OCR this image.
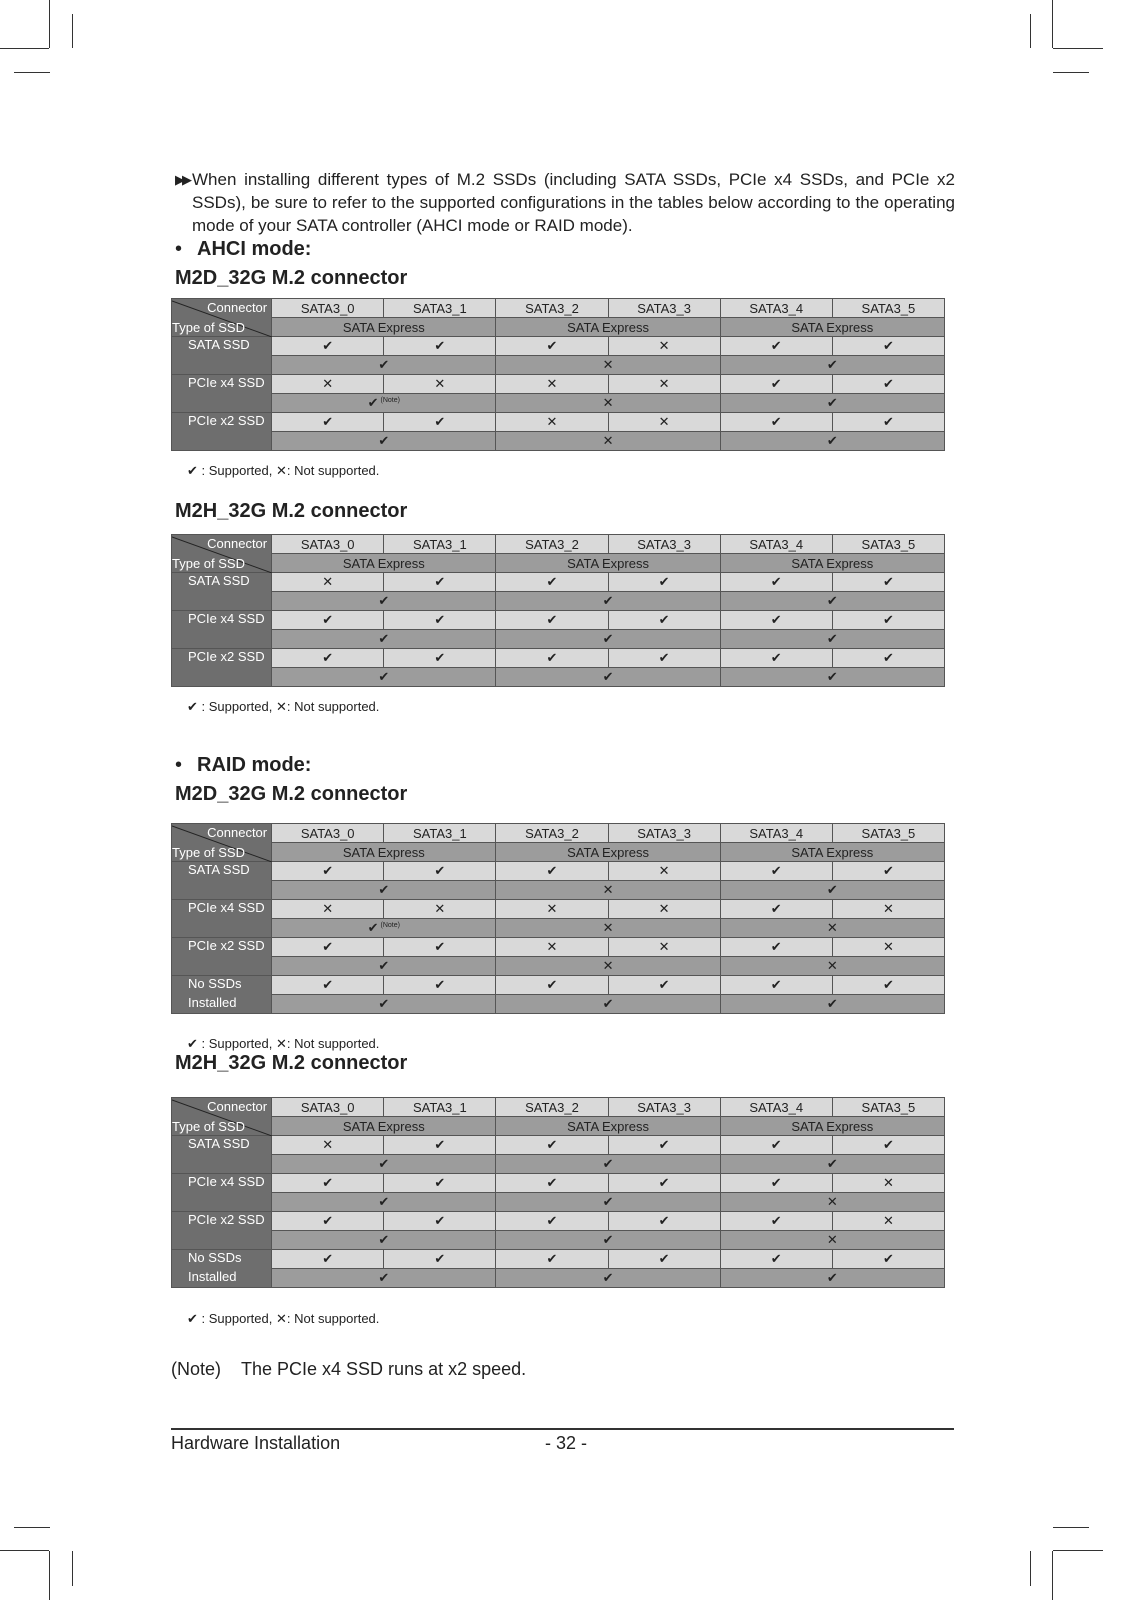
▶▶ When installing different types of M.2 SSDs (including SATA SSDs, PCIe x4 SSDs, and PCIe x2 SSDs), be sure to refer to the supported configurations in the tables below according to the operating mode of your SATA controller (AHCI mode or RAID mode).
• AHCI mode:
• RAID mode:
M2D_32G M.2 connector
Connector
Type of SSD	SATA3_0	SATA3_1	SATA3_2	SATA3_3	SATA3_4	SATA3_5
	SATA Express		SATA Express		SATA Express	

SATA SSD	✔	✔	✔	✕	✔	✔
	✔		✕		✔	

PCIe x4 SSD	✕	✕	✕	✕	✔	✔
	✔ $^{(Note)}$		✕		✔	

PCIe x2 SSD	✔	✔	✕	✕	✔	✔
	✔		✕		✔	
✔ : Supported, ✕: Not supported.
M2H_32G M.2 connector
Connector
Type of SSD	SATA3_0	SATA3_1	SATA3_2	SATA3_3	SATA3_4	SATA3_5
	SATA Express		SATA Express		SATA Express	

SATA SSD	✕	✔	✔	✔	✔	✔
	✔		✔		✔	

PCIe x4 SSD	✔	✔	✔	✔	✔	✔
	✔		✔		✔	

PCIe x2 SSD	✔	✔	✔	✔	✔	✔
	✔		✔		✔	
✔ : Supported, ✕: Not supported.
M2D_32G M.2 connector
Connector
Type of SSD	SATA3_0	SATA3_1	SATA3_2	SATA3_3	SATA3_4	SATA3_5
	SATA Express		SATA Express		SATA Express	

SATA SSD	✔	✔	✔	✕	✔	✔
	✔		✕		✔	

PCIe x4 SSD	✕	✕	✕	✕	✔	✕
	✔ $^{(Note)}$		✕		✕	

PCIe x2 SSD	✔	✔	✕	✕	✔	✕
	✔		✕		✕	

No SSDs
Installed	✔	✔	✔	✔	✔	✔
	✔		✔		✔	
✔ : Supported, ✕: Not supported.
M2H_32G M.2 connector
Connector
Type of SSD	SATA3_0	SATA3_1	SATA3_2	SATA3_3	SATA3_4	SATA3_5
	SATA Express		SATA Express		SATA Express	

SATA SSD	✕	✔	✔	✔	✔	✔
	✔		✔		✔	

PCIe x4 SSD	✔	✔	✔	✔	✔	✕
	✔		✔		✕	

PCIe x2 SSD	✔	✔	✔	✔	✔	✕
	✔		✔		✕	

No SSDs
Installed	✔	✔	✔	✔	✔	✔
	✔		✔		✔	
✔ : Supported, ✕: Not supported.
(Note) The PCIe x4 SSD runs at x2 speed.
Hardware Installation	- 32 -
